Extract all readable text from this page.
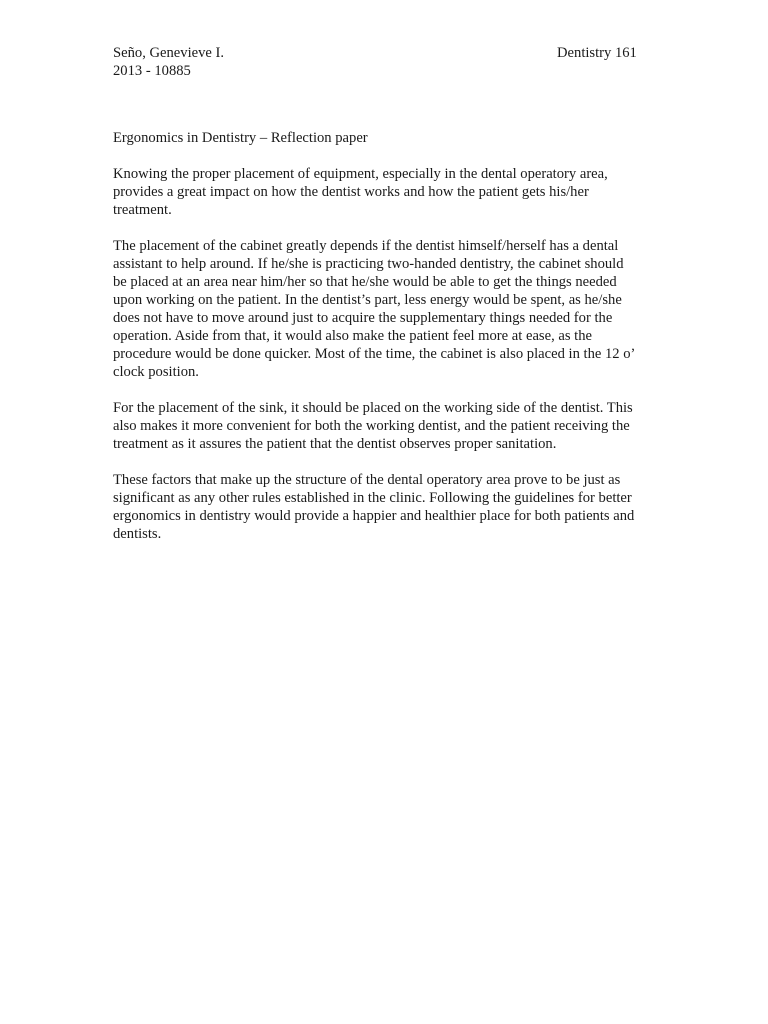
Seño, Genevieve I.
2013 - 10885
Dentistry 161
Ergonomics in Dentistry – Reflection paper
Knowing the proper placement of equipment, especially in the dental operatory area,
provides a great impact on how the dentist works and how the patient gets his/her
treatment.
The placement of the cabinet greatly depends if the dentist himself/herself has a dental
assistant to help around. If he/she is practicing two-handed dentistry, the cabinet should
be placed at an area near him/her so that he/she would be able to get the things needed
upon working on the patient. In the dentist’s part, less energy would be spent, as he/she
does not have to move around just to acquire the supplementary things needed for the
operation. Aside from that, it would also make the patient feel more at ease, as the
procedure would be done quicker. Most of the time, the cabinet is also placed in the 12 o’
clock position.
For the placement of the sink, it should be placed on the working side of the dentist. This
also makes it more convenient for both the working dentist, and the patient receiving the
treatment as it assures the patient that the dentist observes proper sanitation.
These factors that make up the structure of the dental operatory area prove to be just as
significant as any other rules established in the clinic. Following the guidelines for better
ergonomics in dentistry would provide a happier and healthier place for both patients and
dentists.
